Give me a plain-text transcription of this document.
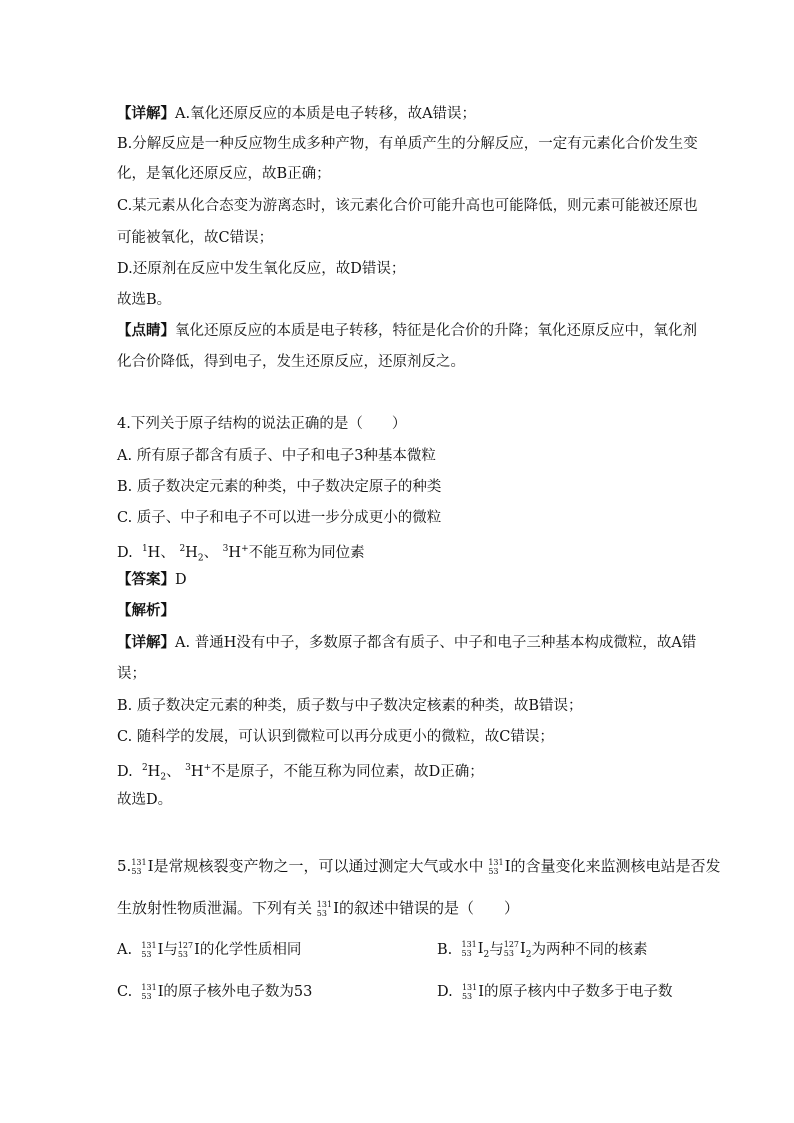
【详解】A.氧化还原反应的本质是电子转移，故A错误；
B.分解反应是一种反应物生成多种产物，有单质产生的分解反应，一定有元素化合价发生变
化，是氧化还原反应，故B正确；
C.某元素从化合态变为游离态时，该元素化合价可能升高也可能降低，则元素可能被还原也
可能被氧化，故C错误；
D.还原剂在反应中发生氧化反应，故D错误；
故选B。
【点睛】氧化还原反应的本质是电子转移，特征是化合价的升降；氧化还原反应中，氧化剂
化合价降低，得到电子，发生还原反应，还原剂反之。
4.下列关于原子结构的说法正确的是（　　）
A. 所有原子都含有质子、中子和电子3种基本微粒
B. 质子数决定元素的种类，中子数决定原子的种类
C. 质子、中子和电子不可以进一步分成更小的微粒
D. $^1$H、 $^2H_2$、 $^3$H+不能互称为同位素
【答案】D
【解析】
【详解】A. 普通H没有中子，多数原子都含有质子、中子和电子三种基本构成微粒，故A错
误；
B. 质子数决定元素的种类，质子数与中子数决定核素的种类，故B错误；
C. 随科学的发展，可认识到微粒可以再分成更小的微粒，故C错误；
D. $^2H_2$、 $^3$H+不是原子，不能互称为同位素，故D正确；
故选D。
5. 131
53 I是常规核裂变产物之一，可以通过测定大气或水中 131
53 I的含量变化来监测核电站是否发
生放射性物质泄漏。下列有关 131
53 I的叙述中错误的是（　　）
A. 131
53 I与 127
53 I的化学性质相同	B. 131
53 $I_2$与 127
53 $I_2$为两种不同的核素
C. 131
53 I的原子核外电子数为53	D. 131
53 I的原子核内中子数多于电子数
